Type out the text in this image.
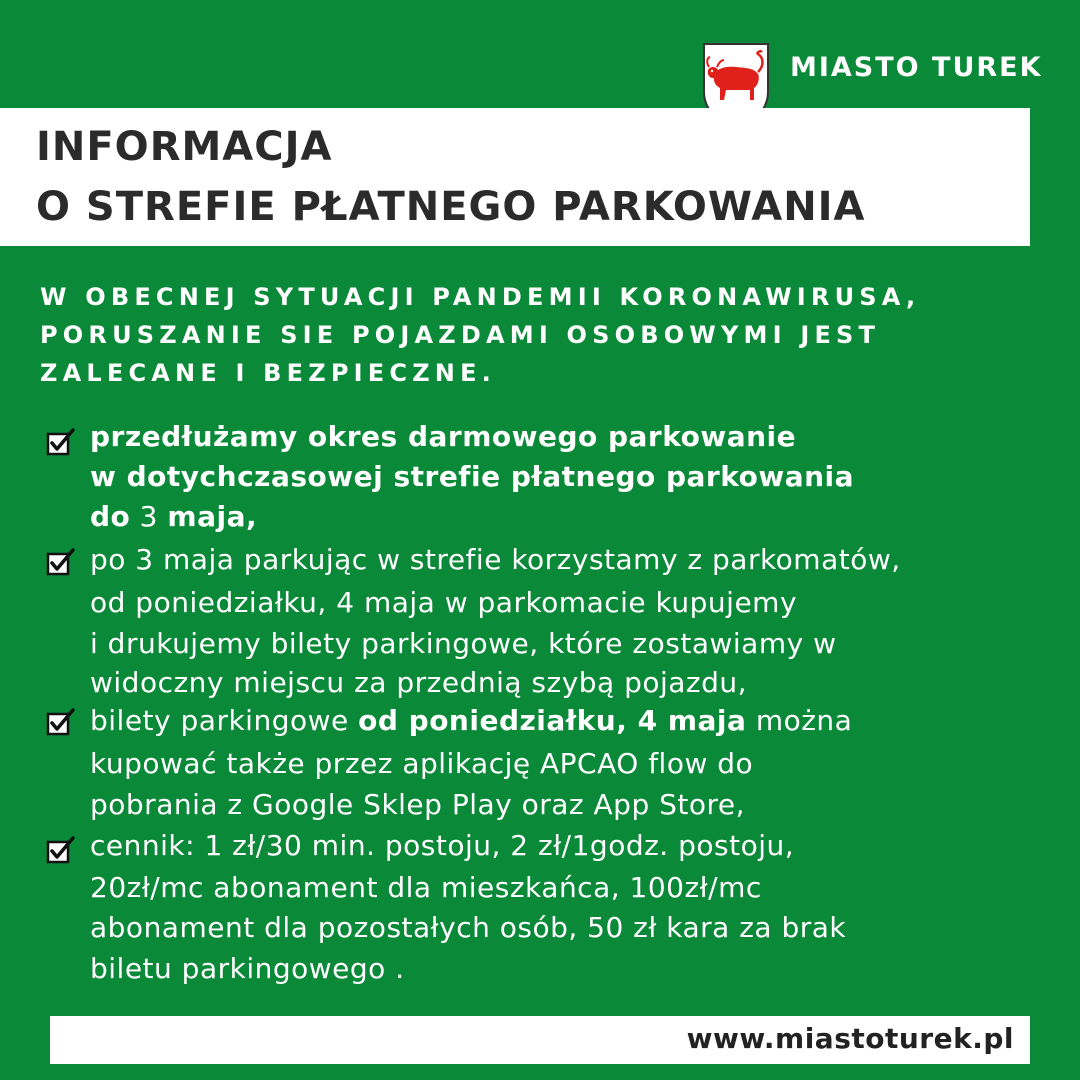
MIASTO TUREK
INFORMACJA
O STREFIE PŁATNEGO PARKOWANIA
W OBECNEJ SYTUACJI PANDEMII KORONAWIRUSA,
PORUSZANIE SIE POJAZDAMI OSOBOWYMI JEST
ZALECANE I BEZPIECZNE.
przedłużamy okres darmowego parkowanie
w dotychczasowej strefie płatnego parkowania
do 3 maja,
po 3 maja parkując w strefie korzystamy z parkomatów,
od poniedziałku, 4 maja w parkomacie kupujemy
i drukujemy bilety parkingowe, które zostawiamy w
widoczny miejscu za przednią szybą pojazdu,
bilety parkingowe od poniedziałku, 4 maja można
kupować także przez aplikację APCAO flow do
pobrania z Google Sklep Play oraz App Store,
cennik: 1 zł/30 min. postoju, 2 zł/1godz. postoju,
20zł/mc abonament dla mieszkańca, 100zł/mc
abonament dla pozostałych osób, 50 zł kara za brak
biletu parkingowego .
www.miastoturek.pl
